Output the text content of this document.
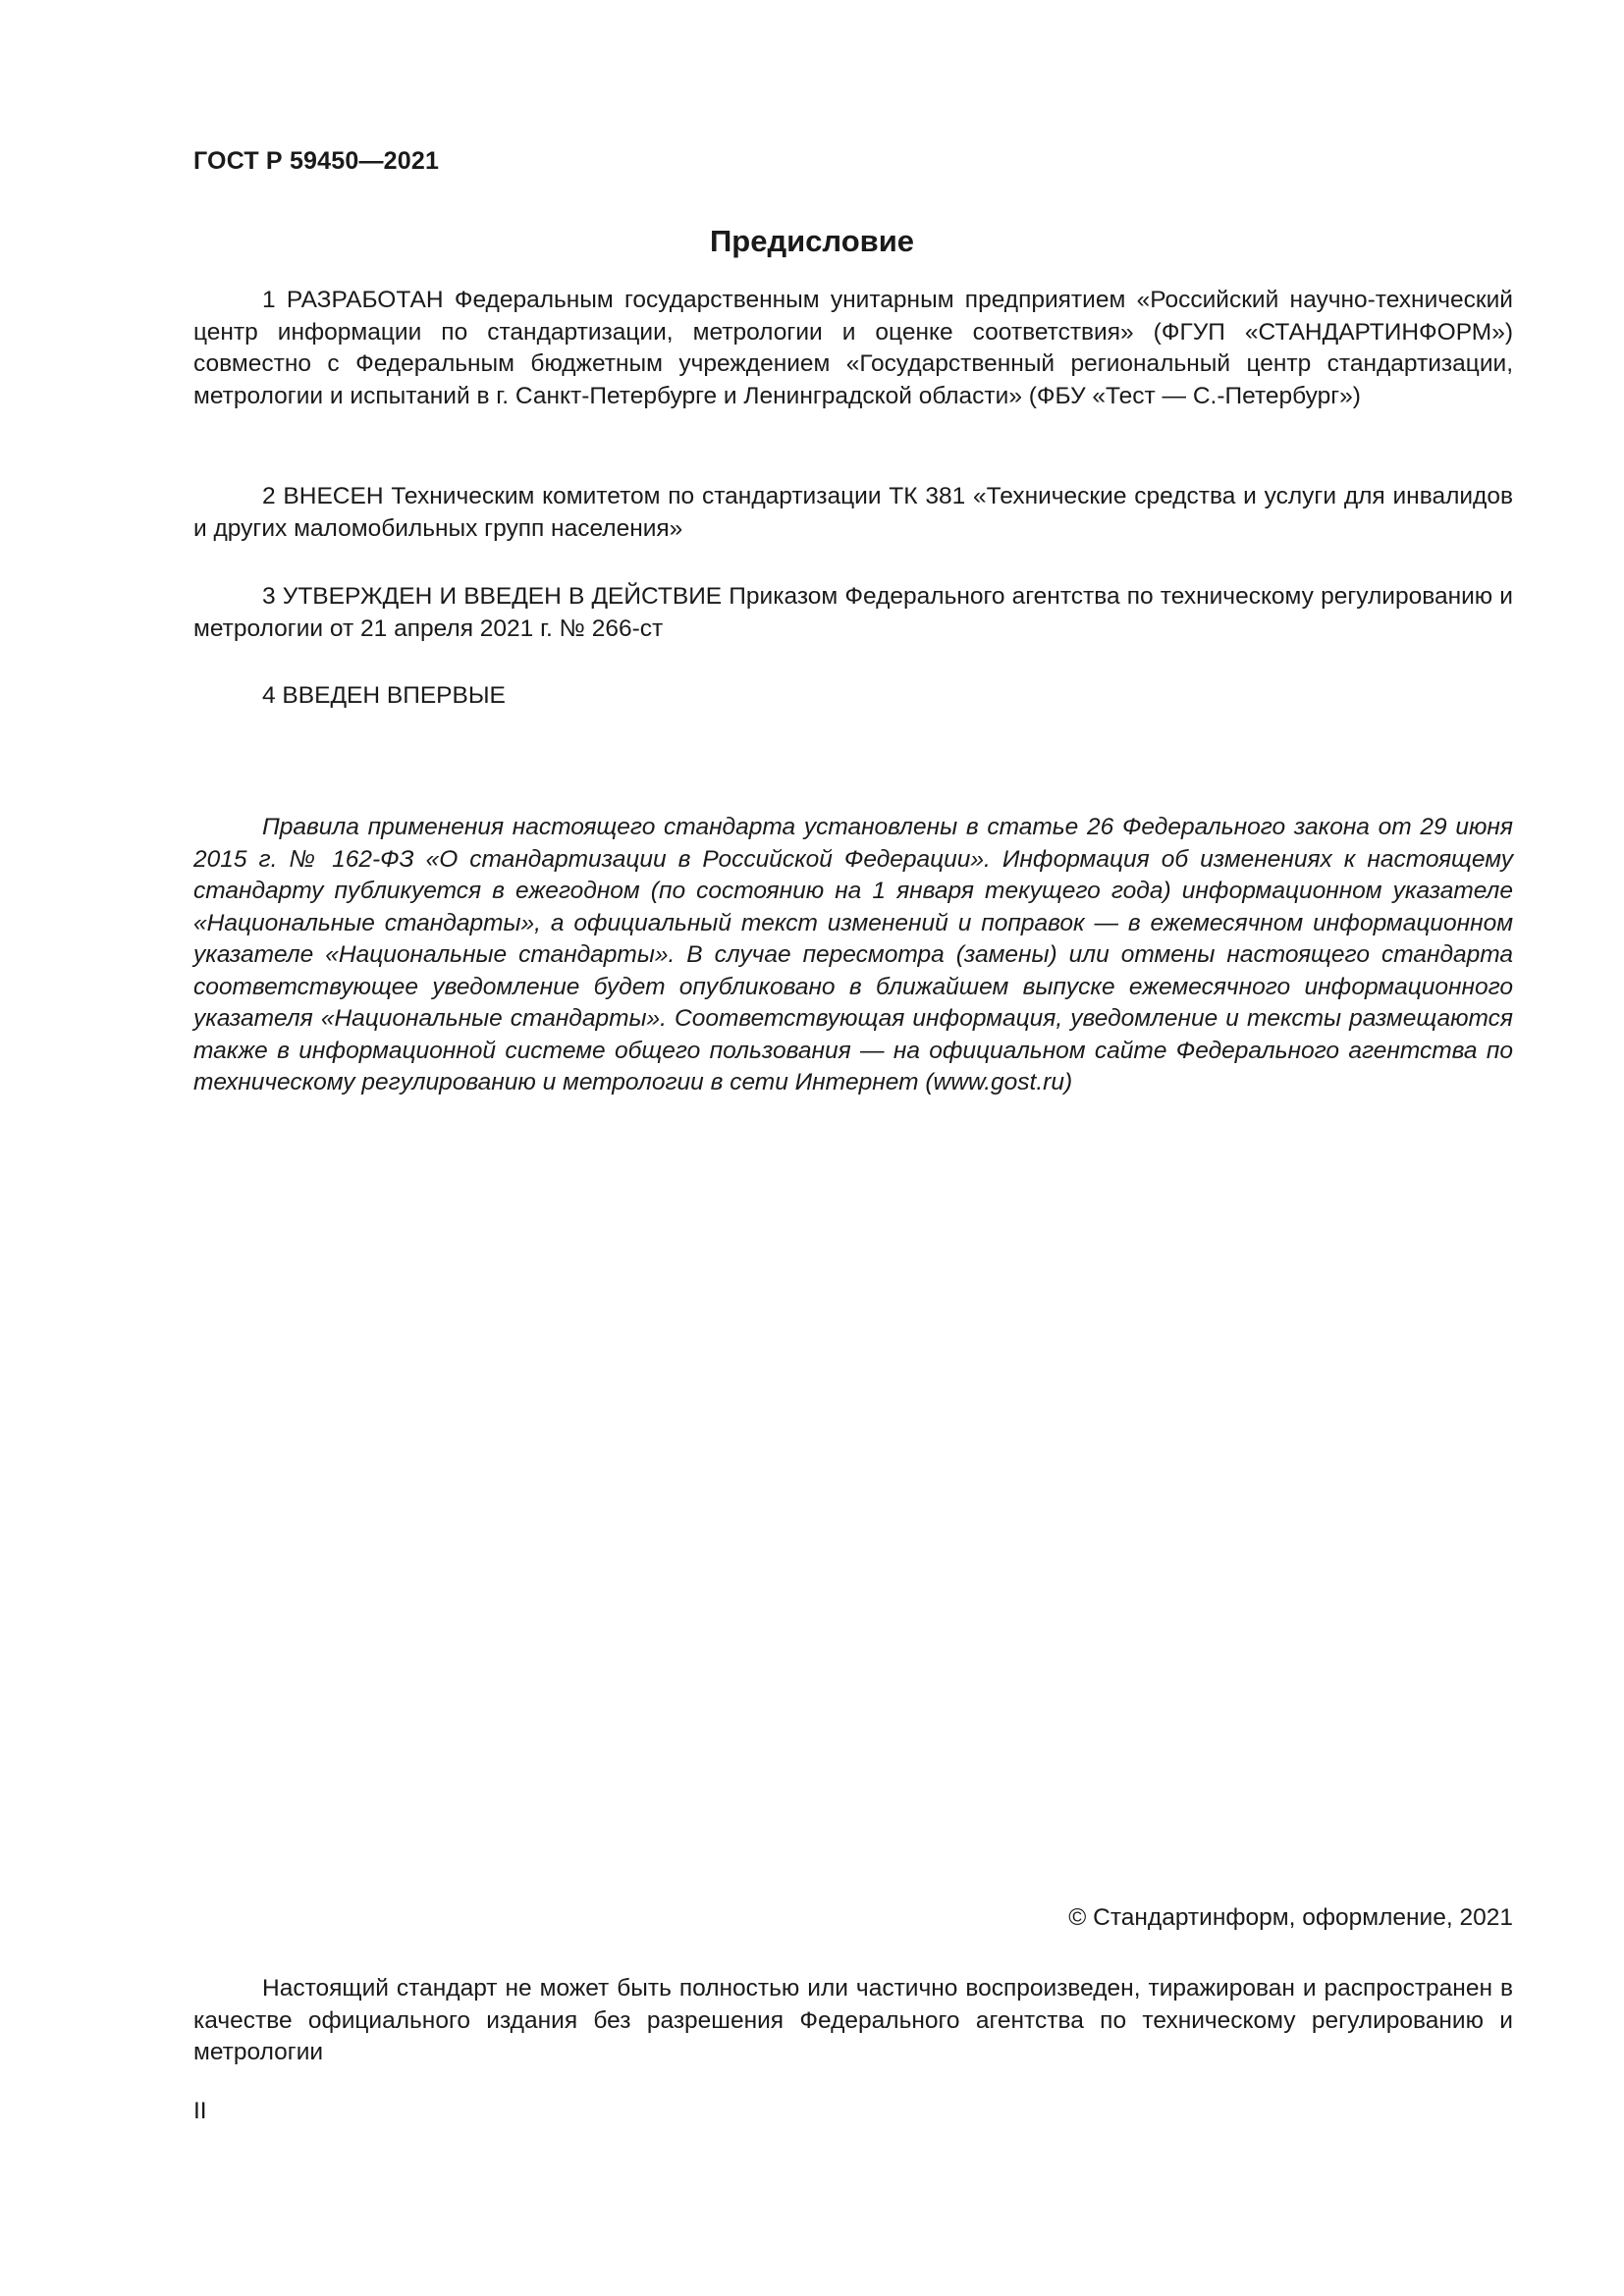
ГОСТ Р 59450—2021
Предисловие

1 РАЗРАБОТАН Федеральным государственным унитарным предприятием «Российский научно-технический центр информации по стандартизации, метрологии и оценке соответствия» (ФГУП «СТАНДАРТИНФОРМ») совместно с Федеральным бюджетным учреждением «Государственный региональный центр стандартизации, метрологии и испытаний в г. Санкт-Петербурге и Ленинградской области» (ФБУ «Тест — С.-Петербург»)

2 ВНЕСЕН Техническим комитетом по стандартизации ТК 381 «Технические средства и услуги для инвалидов и других маломобильных групп населения»

3 УТВЕРЖДЕН И ВВЕДЕН В ДЕЙСТВИЕ Приказом Федерального агентства по техническому регулированию и метрологии от 21 апреля 2021 г. № 266-ст

4 ВВЕДЕН ВПЕРВЫЕ

Правила применения настоящего стандарта установлены в статье 26 Федерального закона от 29 июня 2015 г. № 162-ФЗ «О стандартизации в Российской Федерации». Информация об изменениях к настоящему стандарту публикуется в ежегодном (по состоянию на 1 января текущего года) информационном указателе «Национальные стандарты», а официальный текст изменений и поправок — в ежемесячном информационном указателе «Национальные стандарты». В случае пересмотра (замены) или отмены настоящего стандарта соответствующее уведомление будет опубликовано в ближайшем выпуске ежемесячного информационного указателя «Национальные стандарты». Соответствующая информация, уведомление и тексты размещаются также в информационной системе общего пользования — на официальном сайте Федерального агентства по техническому регулированию и метрологии в сети Интернет (www.gost.ru)

© Стандартинформ, оформление, 2021

Настоящий стандарт не может быть полностью или частично воспроизведен, тиражирован и распространен в качестве официального издания без разрешения Федерального агентства по техническому регулированию и метрологии

II
